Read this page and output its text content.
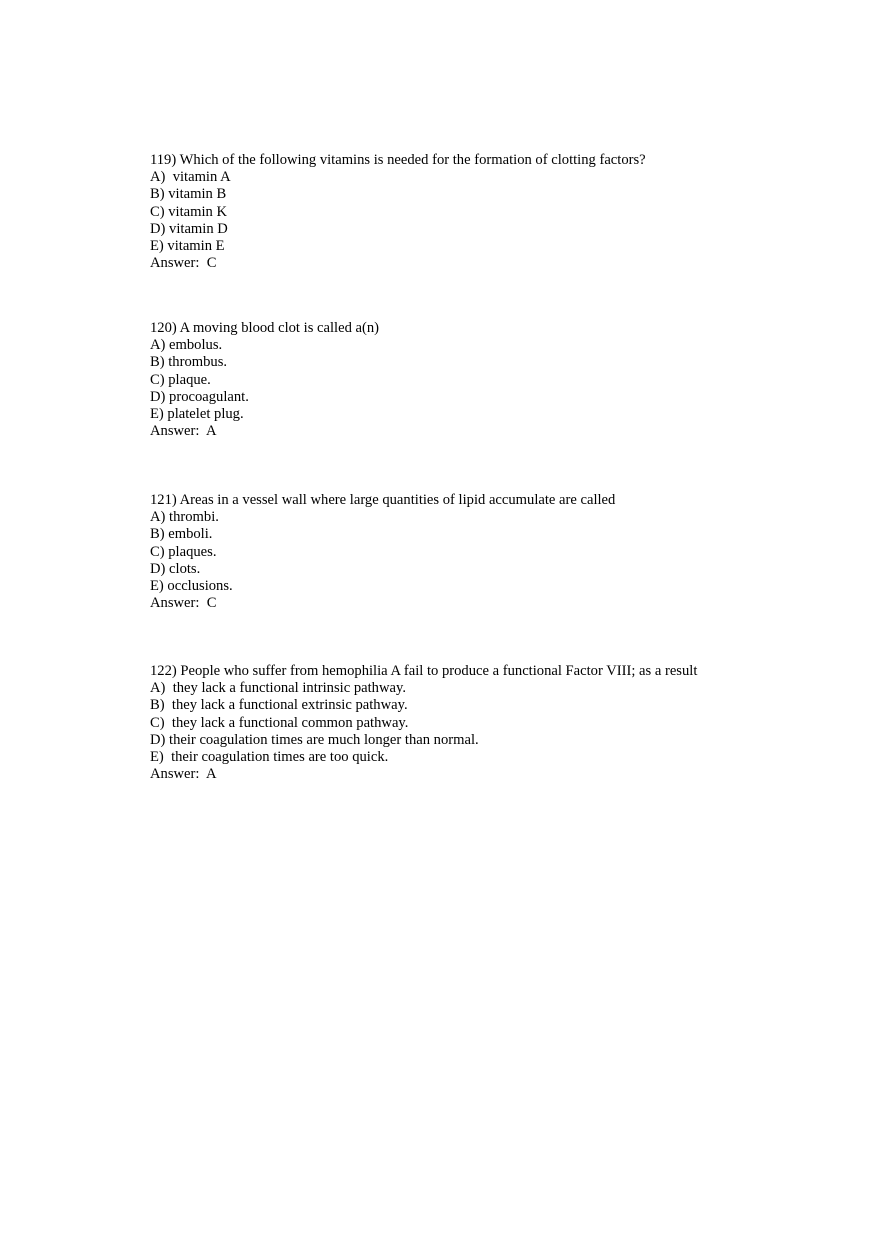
119) Which of the following vitamins is needed for the formation of clotting factors?
A)  vitamin A
B) vitamin B
C) vitamin K
D) vitamin D
E) vitamin E
Answer:  C
120) A moving blood clot is called a(n)
A) embolus.
B) thrombus.
C) plaque.
D) procoagulant.
E) platelet plug.
Answer:  A
121) Areas in a vessel wall where large quantities of lipid accumulate are called
A) thrombi.
B) emboli.
C) plaques.
D) clots.
E) occlusions.
Answer:  C
122) People who suffer from hemophilia A fail to produce a functional Factor VIII; as a result
A)  they lack a functional intrinsic pathway.
B)  they lack a functional extrinsic pathway.
C)  they lack a functional common pathway.
D) their coagulation times are much longer than normal.
E)  their coagulation times are too quick.
Answer:  A
